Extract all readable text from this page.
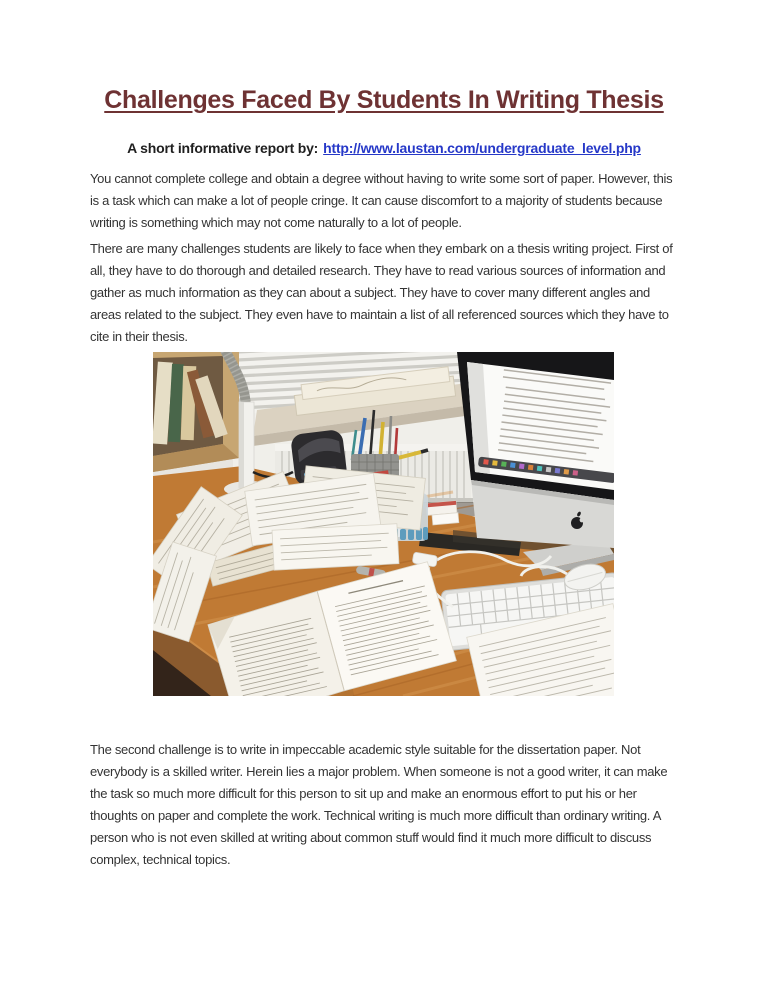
Challenges Faced By Students In Writing Thesis

A short informative report by: http://www.laustan.com/undergraduate_level.php

You cannot complete college and obtain a degree without having to write some sort of paper. However, this is a task which can make a lot of people cringe. It can cause discomfort to a majority of students because writing is something which may not come naturally to a lot of people.

There are many challenges students are likely to face when they embark on a thesis writing project. First of all, they have to do thorough and detailed research. They have to read various sources of information and gather as much information as they can about a subject. They have to cover many different angles and areas related to the subject. They even have to maintain a list of all referenced sources which they have to cite in their thesis.

The second challenge is to write in impeccable academic style suitable for the dissertation paper. Not everybody is a skilled writer. Herein lies a major problem. When someone is not a good writer, it can make the task so much more difficult for this person to sit up and make an enormous effort to put his or her thoughts on paper and complete the work. Technical writing is much more difficult than ordinary writing. A person who is not even skilled at writing about common stuff would find it much more difficult to discuss complex, technical topics.
